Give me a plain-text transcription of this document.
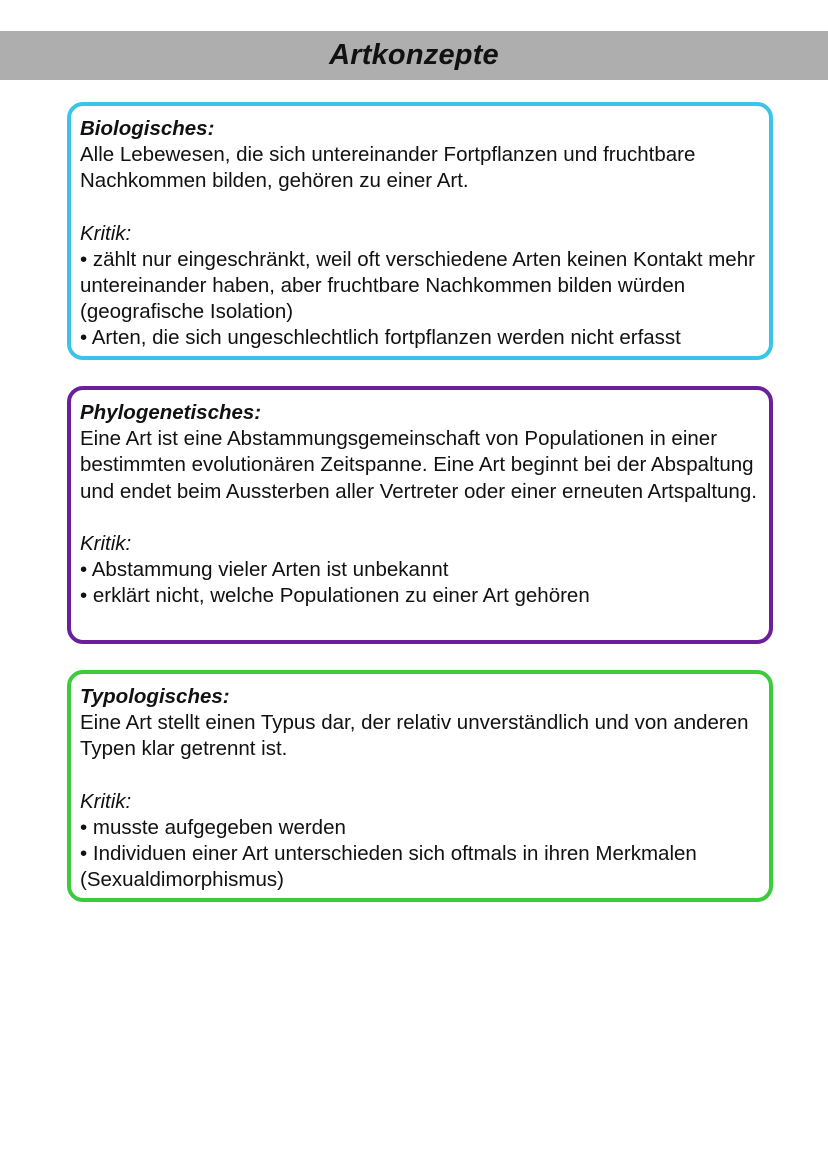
Artkonzepte
Biologisches:
Alle Lebewesen, die sich untereinander Fortpflanzen und fruchtbare Nachkommen bilden, gehören zu einer Art.
Kritik:
• zählt nur eingeschränkt, weil oft verschiedene Arten keinen Kontakt mehr untereinander haben, aber fruchtbare Nachkommen bilden würden (geografische Isolation)
• Arten, die sich ungeschlechtlich fortpflanzen werden nicht erfasst
Phylogenetisches:
Eine Art ist eine Abstammungsgemeinschaft von Populationen in einer bestimmten evolutionären Zeitspanne. Eine Art beginnt bei der Abspaltung und endet beim Aussterben aller Vertreter oder einer erneuten Artspaltung.
Kritik:
• Abstammung vieler Arten ist unbekannt
• erklärt nicht, welche Populationen zu einer Art gehören
Typologisches:
Eine Art stellt einen Typus dar, der relativ unverständlich und von anderen Typen klar getrennt ist.
Kritik:
• musste aufgegeben werden
• Individuen einer Art unterschieden sich oftmals in ihren Merkmalen (Sexualdimorphismus)
